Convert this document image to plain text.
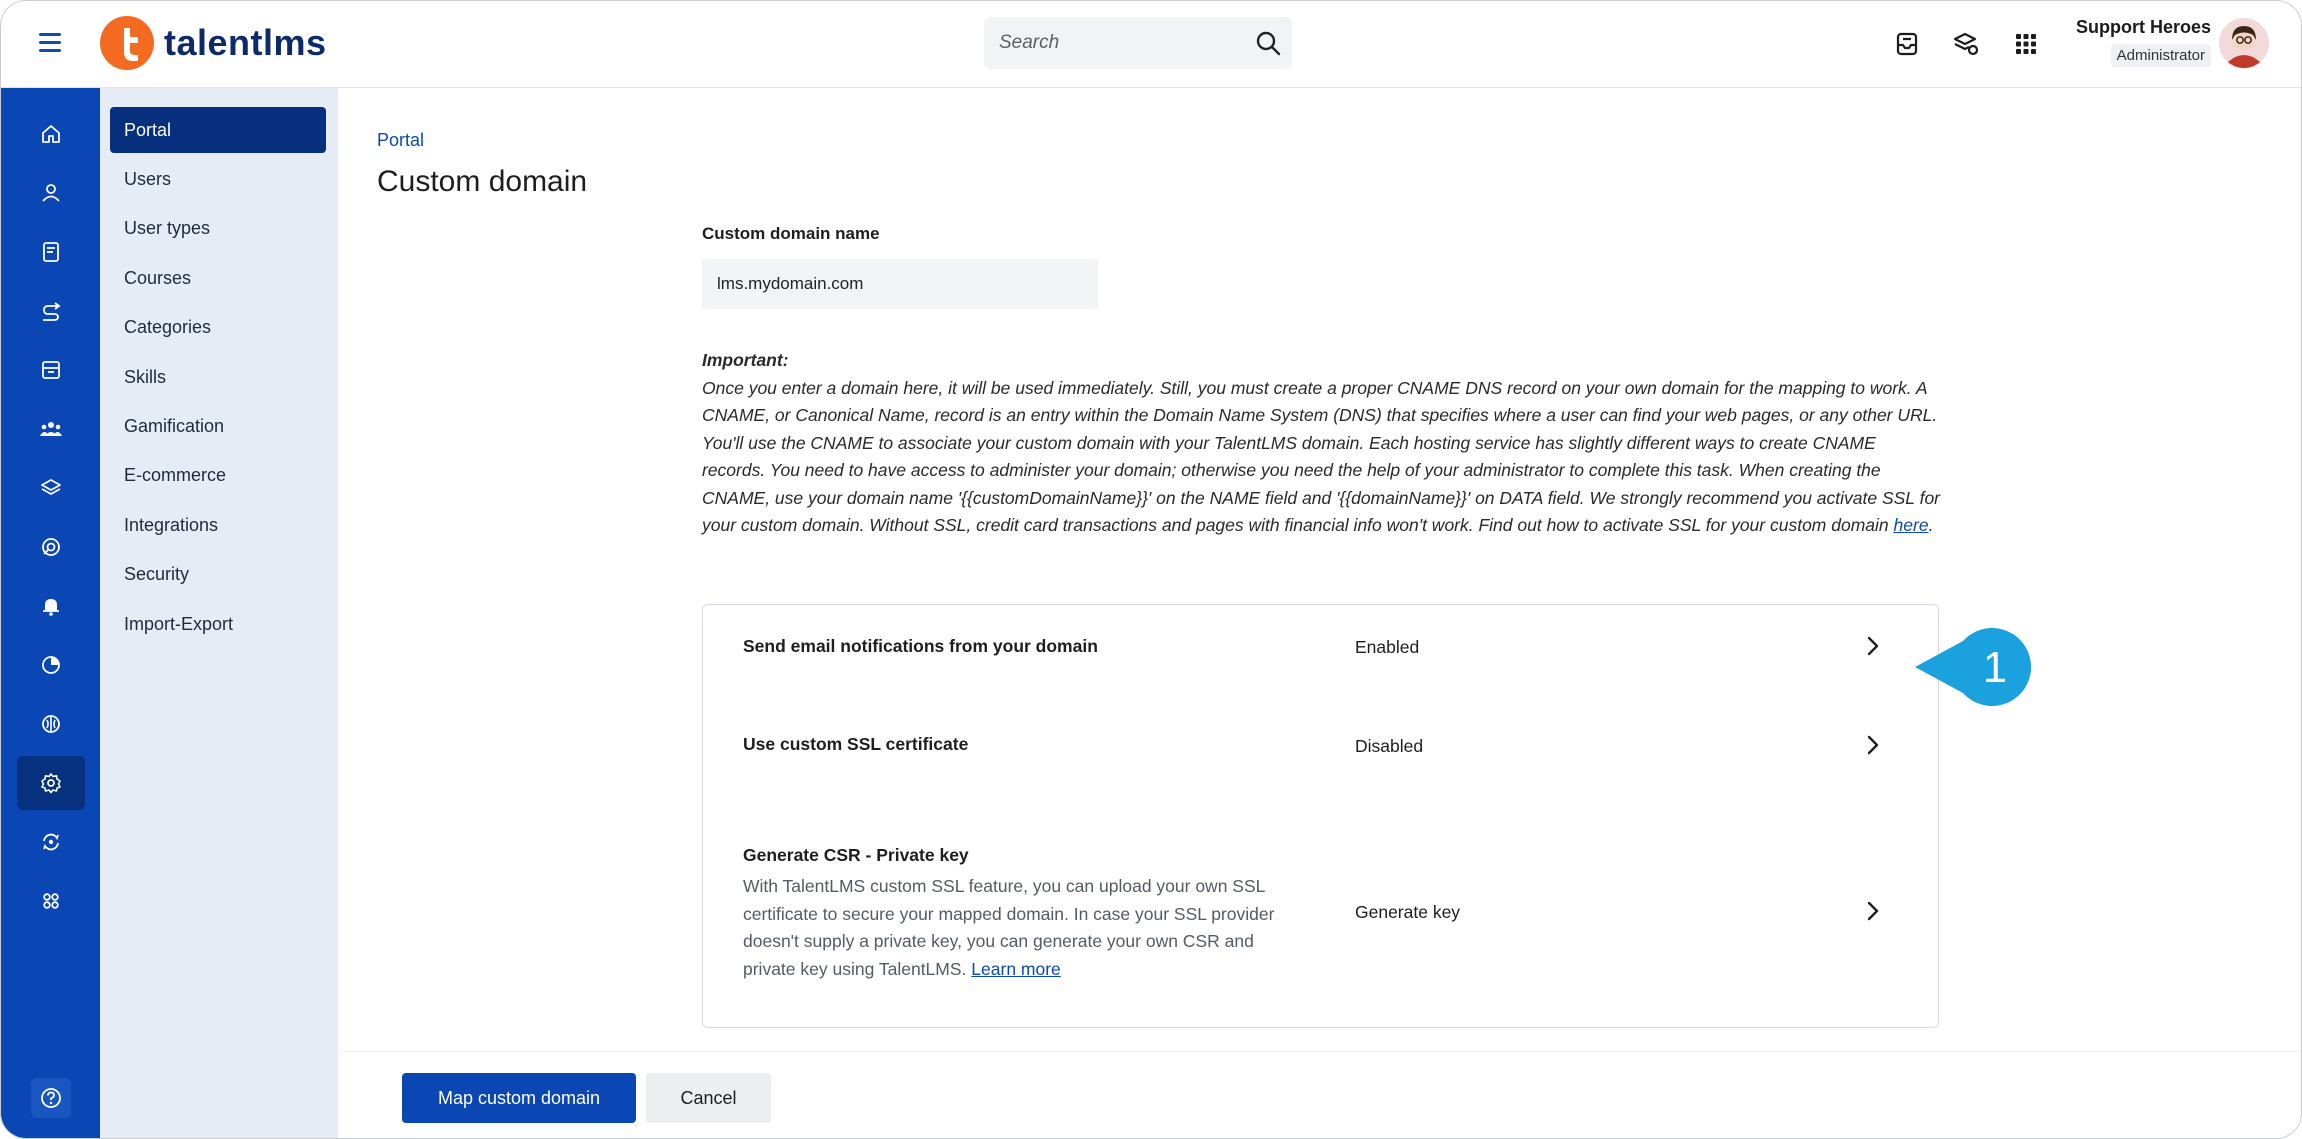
talentlms
Search	Support Heroes
Administrator
Portal
Users
User types
Courses
Categories
Skills
Gamification
E-commerce
Integrations
Security
Import-Export
Portal
Custom domain
Custom domain name
lms.mydomain.com
Important:
Once you enter a domain here, it will be used immediately. Still, you must create a proper CNAME DNS record on your own domain for the mapping to work. A CNAME, or Canonical Name, record is an entry within the Domain Name System (DNS) that specifies where a user can find your web pages, or any other URL. You'll use the CNAME to associate your custom domain with your TalentLMS domain. Each hosting service has slightly different ways to create CNAME records. You need to have access to administer your domain; otherwise you need the help of your administrator to complete this task. When creating the CNAME, use your domain name '{{customDomainName}}' on the NAME field and '{{domainName}}' on DATA field. We strongly recommend you activate SSL for your custom domain. Without SSL, credit card transactions and pages with financial info won't work. Find out how to activate SSL for your custom domain here.
Send email notifications from your domain	Enabled
Use custom SSL certificate	Disabled
Generate CSR - Private key
With TalentLMS custom SSL feature, you can upload your own SSL certificate to secure your mapped domain. In case your SSL provider doesn't supply a private key, you can generate your own CSR and private key using TalentLMS. Learn more
Generate key
1
Map custom domain	Cancel
